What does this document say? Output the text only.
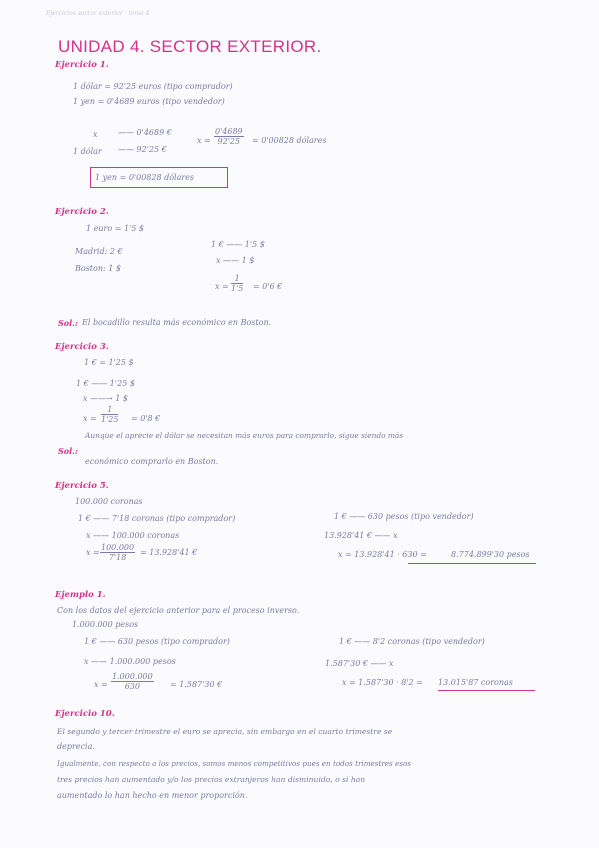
Ejercicios sector exterior · tema 4
UNIDAD 4. SECTOR EXTERIOR.
Ejercicio 1.
1 dólar = 92'25 euros (tipo comprador)
1 yen = 0'4689 euros (tipo vendedor)
x	—— 0'4689 €
1 dólar —— 92'25 €
$x = \frac{0'4689}{92'25} = 0'00828$ dólares
1 yen = 0'00828 dólares
Ejercicio 2.
1 euro = 1'5 $
Madrid: 2 €
Boston: 1 $
1 € —— 1'5 $
x —— 1 $
$x = \frac{1}{1'5} = 0'6$ €
Sol.: El bocadillo resulta más económico en Boston.
Ejercicio 3.
1 € = 1'25 $
1 € —— 1'25 $
x ——→ 1 $
$x = \frac{1}{1'25} = 0'8$ €
Sol.:
Aunque el aprecie el dólar se necesitan más euros para comprarlo, sigue siendo más
económico comprarlo en Boston.
Ejercicio 5.
100.000 coronas
1 € —— 7'18 coronas (tipo comprador)
x —— 100.000 coronas
$x = \frac{100.000}{7'18} = 13.928'41$ €
1 € —— 630 pesos (tipo vendedor)
13.928'41 € —— x
x = 13.928'41 · 630 =	8.774.899'30 pesos
Ejemplo 1.
Con los datos del ejercicio anterior para el proceso inverso.
1.000.000 pesos
1 € —— 630 pesos (tipo comprador)
x —— 1.000.000 pesos
$x = \frac{1.000.000}{630} = 1.587'30$ €
1 € —— 8'2 coronas (tipo vendedor)
1.587'30 € —— x
x = 1.587'30 · 8'2 = 13.015'87 coronas
Ejercicio 10.
El segundo y tercer trimestre el euro se aprecia, sin embargo en el cuarto trimestre se
deprecia.
Igualmente, con respecto a los precios, somos menos competitivos pues en todos trimestres esos
tres precios han aumentado y/o los precios extranjeros han disminuido, o si han
aumentado lo han hecho en menor proporción.
